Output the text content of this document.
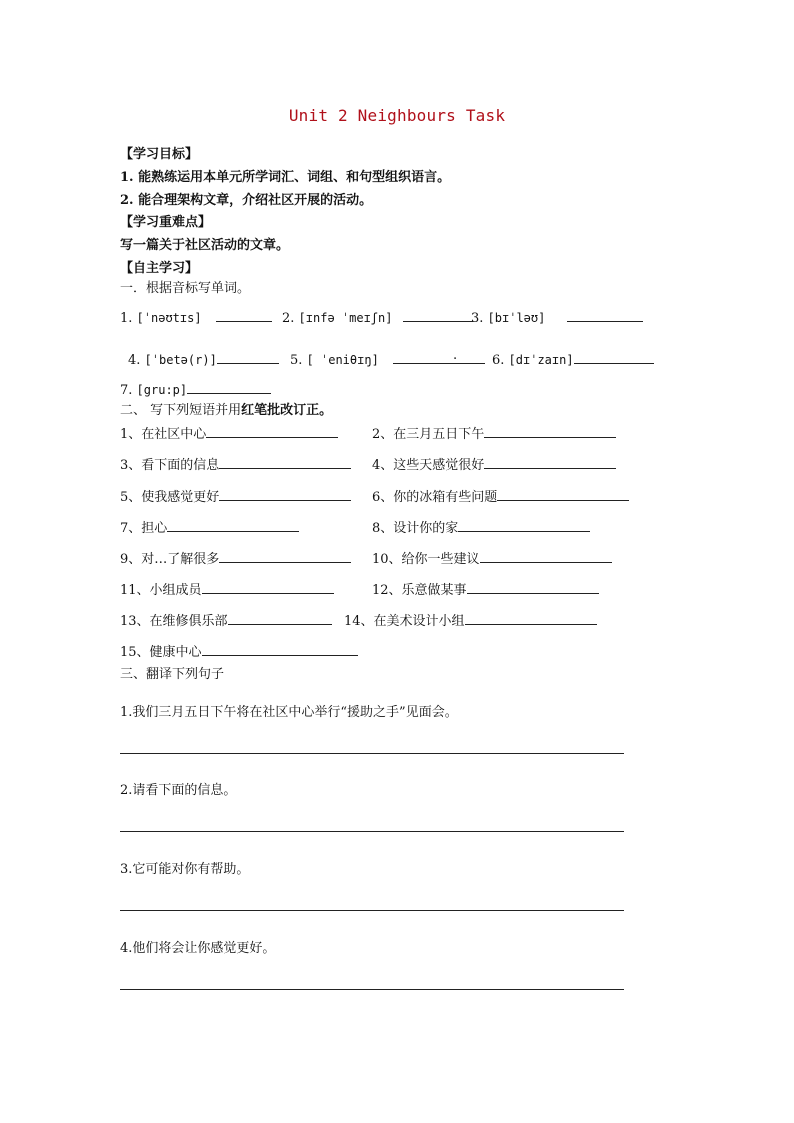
Unit 2 Neighbours Task
【学习目标】
1. 能熟练运用本单元所学词汇、词组、和句型组织语言。
2. 能合理架构文章，介绍社区开展的活动。
【学习重难点】
写一篇关于社区活动的文章。
【自主学习】
一．根据音标写单词。
1. [ˈnəʊtɪs]	2. [ɪnfə ˈmeɪʃn]	3. [bɪˈləʊ]
4. [ˈbetə(r)]	5. [ ˈeniθɪŋ]	.	6. [dɪˈzaɪn]
7. [gru:p]
二、 写下列短语并用红笔批改订正。
1、在社区中心	2、在三月五日下午
3、看下面的信息	4、这些天感觉很好
5、使我感觉更好	6、你的冰箱有些问题
7、担心	8、设计你的家
9、对…了解很多	10、给你一些建议
11、小组成员	12、乐意做某事
13、在维修俱乐部	14、在美术设计小组
15、健康中心
三、翻译下列句子
1.我们三月五日下午将在社区中心举行“援助之手”见面会。
2.请看下面的信息。
3.它可能对你有帮助。
4.他们将会让你感觉更好。
